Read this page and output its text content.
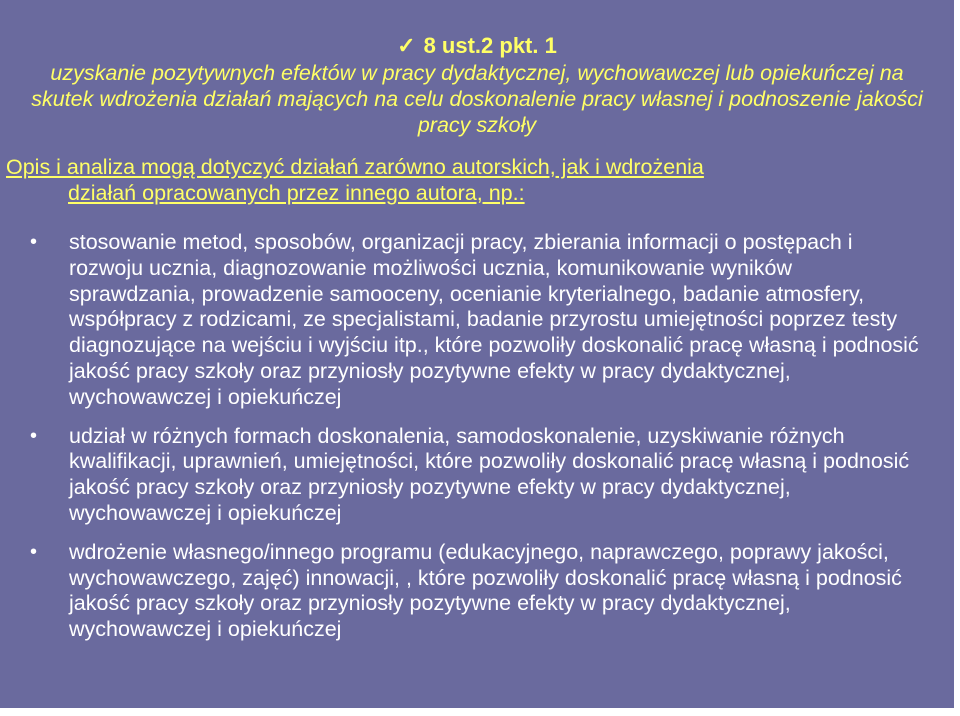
✓ 8 ust.2 pkt. 1
uzyskanie pozytywnych efektów w pracy dydaktycznej, wychowawczej lub opiekuńczej na skutek wdrożenia działań mających na celu doskonalenie pracy własnej i podnoszenie jakości pracy szkoły
Opis i analiza mogą dotyczyć działań zarówno autorskich, jak i wdrożenia
działań opracowanych przez innego autora, np.:
• stosowanie metod, sposobów, organizacji pracy, zbierania informacji o postępach i rozwoju ucznia, diagnozowanie możliwości ucznia, komunikowanie wyników sprawdzania, prowadzenie samooceny, ocenianie kryterialnego, badanie atmosfery, współpracy z rodzicami, ze specjalistami, badanie przyrostu umiejętności poprzez testy diagnozujące na wejściu i wyjściu itp., które pozwoliły doskonalić pracę własną i podnosić jakość pracy szkoły oraz przyniosły pozytywne efekty w pracy dydaktycznej, wychowawczej i opiekuńczej
• udział w różnych formach doskonalenia, samodoskonalenie, uzyskiwanie różnych kwalifikacji, uprawnień, umiejętności, które pozwoliły doskonalić pracę własną i podnosić jakość pracy szkoły oraz przyniosły pozytywne efekty w pracy dydaktycznej, wychowawczej i opiekuńczej
• wdrożenie własnego/innego programu (edukacyjnego, naprawczego, poprawy jakości, wychowawczego, zajęć) innowacji, , które pozwoliły doskonalić pracę własną i podnosić jakość pracy szkoły oraz przyniosły pozytywne efekty w pracy dydaktycznej, wychowawczej i opiekuńczej
